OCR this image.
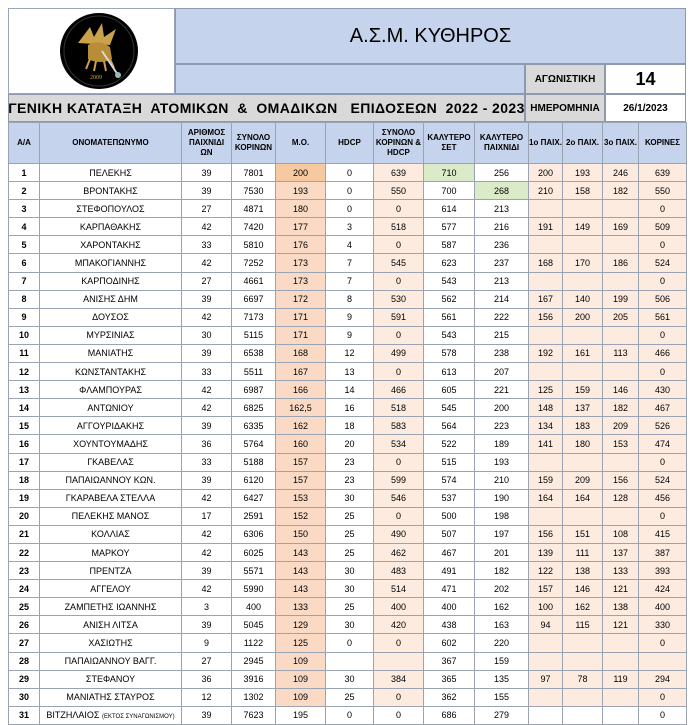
2009
Α.Σ.Μ. ΚΥΘΗΡΟΣ
ΑΓΩΝΙΣΤΙΚΗ 14
ΓΕΝΙΚΗ ΚΑΤΑΤΑΞΗ  ΑΤΟΜΙΚΩΝ  &  ΟΜΑΔΙΚΩΝ   ΕΠΙΔΟΣΕΩΝ  2022 - 2023 ΗΜΕΡΟΜΗΝΙΑ 26/1/2023
Α/Α	ΟΝΟΜΑΤΕΠΩΝΥΜΟ	ΑΡΙΘΜΟΣ ΠΑΙΧΝΙΔΙ ΩΝ	ΣΥΝΟΛΟ ΚΟΡΙΝΩΝ	Μ.Ο.	HDCP	ΣΥΝΟΛΟ ΚΟΡΙΝΩΝ & HDCP	ΚΑΛΥΤΕΡΟ ΣΕΤ	ΚΑΛΥΤΕΡΟ ΠΑΙΧΝΙΔΙ	1ο ΠΑΙΧ.	2ο ΠΑΙΧ.	3ο ΠΑΙΧ.	ΚΟΡΙΝΕΣ
1	ΠΕΛΕΚΗΣ	39	7801	200	0	639	710	256	200	193	246	639
2	ΒΡΟΝΤΑΚΗΣ	39	7530	193	0	550	700	268	210	158	182	550
3	ΣΤΕΦΟΠΟΥΛΟΣ	27	4871	180	0	0	614	213				0
4	ΚΑΡΠΑΘΑΚΗΣ	42	7420	177	3	518	577	216	191	149	169	509
5	ΧΑΡΟΝΤΑΚΗΣ	33	5810	176	4	0	587	236				0
6	ΜΠΑΚΟΓΙΑΝΝΗΣ	42	7252	173	7	545	623	237	168	170	186	524
7	ΚΑΡΠΟΔΙΝΗΣ	27	4661	173	7	0	543	213				0
8	ΑΝΙΣΗΣ ΔΗΜ	39	6697	172	8	530	562	214	167	140	199	506
9	ΔΟΥΣΟΣ	42	7173	171	9	591	561	222	156	200	205	561
10	ΜΥΡΣΙΝΙΑΣ	30	5115	171	9	0	543	215				0
11	ΜΑΝΙΑΤΗΣ	39	6538	168	12	499	578	238	192	161	113	466
12	ΚΩΝΣΤΑΝΤΑΚΗΣ	33	5511	167	13	0	613	207				0
13	ΦΛΑΜΠΟΥΡΑΣ	42	6987	166	14	466	605	221	125	159	146	430
14	ΑΝΤΩΝΙΟΥ	42	6825	162,5	16	518	545	200	148	137	182	467
15	ΑΓΓΟΥΡΙΔΑΚΗΣ	39	6335	162	18	583	564	223	134	183	209	526
16	ΧΟΥΝΤΟΥΜΑΔΗΣ	36	5764	160	20	534	522	189	141	180	153	474
17	ΓΚΑΒΕΛΑΣ	33	5188	157	23	0	515	193				0
18	ΠΑΠΑΙΩΑΝΝΟΥ ΚΩΝ.	39	6120	157	23	599	574	210	159	209	156	524
19	ΓΚΑΡΑΒΕΛΑ ΣΤΕΛΛΑ	42	6427	153	30	546	537	190	164	164	128	456
20	ΠΕΛΕΚΗΣ ΜΑΝΟΣ	17	2591	152	25	0	500	198				0
21	ΚΟΛΛΙΑΣ	42	6306	150	25	490	507	197	156	151	108	415
22	ΜΑΡΚΟΥ	42	6025	143	25	462	467	201	139	111	137	387
23	ΠΡΕΝΤΖΑ	39	5571	143	30	483	491	182	122	138	133	393
24	ΑΓΓΕΛΟΥ	42	5990	143	30	514	471	202	157	146	121	424
25	ΖΑΜΠΕΤΗΣ ΙΩΑΝΝΗΣ	3	400	133	25	400	400	162	100	162	138	400
26	ΑΝΙΣΗ ΛΙΤΣΑ	39	5045	129	30	420	438	163	94	115	121	330
27	ΧΑΣΙΩΤΗΣ	9	1122	125	0	0	602	220				0
28	ΠΑΠΑΙΩΑΝΝΟΥ ΒΑΓΓ.	27	2945	109			367	159				
29	ΣΤΕΦΑΝΟΥ	36	3916	109	30	384	365	135	97	78	119	294
30	ΜΑΝΙΑΤΗΣ ΣΤΑΥΡΟΣ	12	1302	109	25	0	362	155				0
31	ΒΙΤΖΗΛΑΙΟΣ (ΕΚΤΟΣ ΣΥΝΑΓΩΝΙΣΜΟΥ)	39	7623	195	0	0	686	279				0
